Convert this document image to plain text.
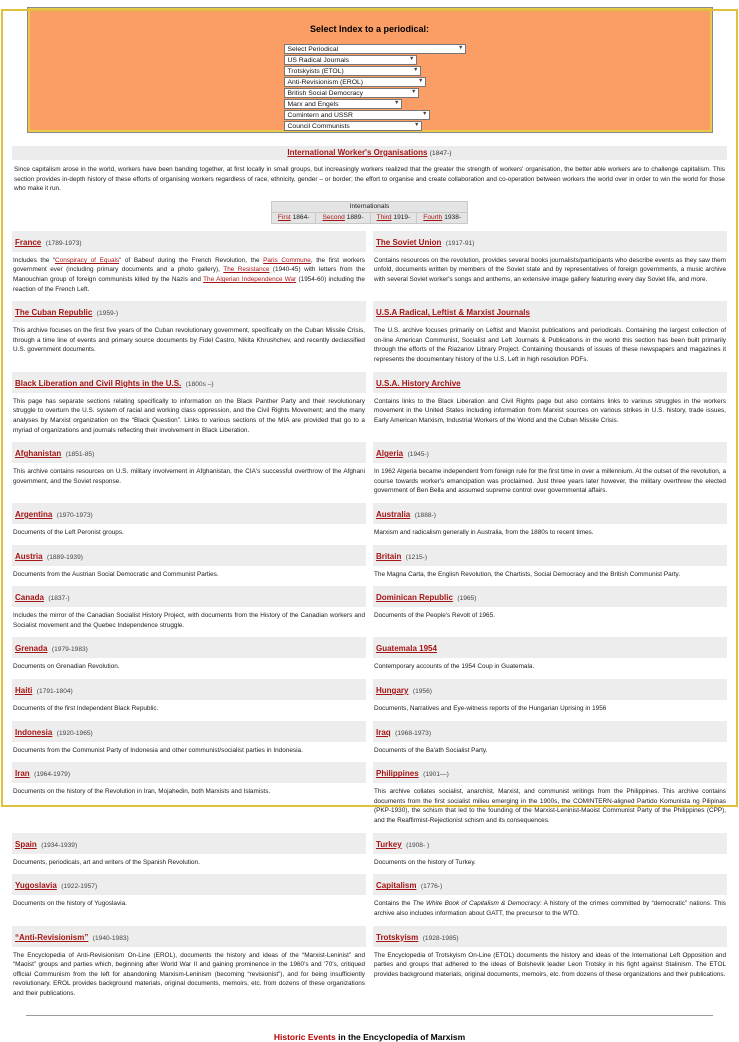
Select Index to a periodical:
Select Periodical	▼
US Radical Journals	▼
Trotskyists (ETOL)	▼
Anti-Revisionism (EROL)	▼
British Social Democracy	▼
Marx and Engels	▼
Comintern and USSR	▼
Council Communists	▼
International Worker's Organisations (1847-)
Since capitalism arose in the world, workers have been banding together, at first locally in small groups, but increasingly workers realized that the greater the strength of workers' organisation, the better able workers are to challenge capitalism. This section provides in-depth history of these efforts of organising workers regardless of race, ethnicity, gender – or border; the effort to organise and create collaboration and co-operation between workers the world over in order to win the world for those who make it run.
Internationals
First 1864-	Second 1889-	Third 1919-	Fourth 1938-
France (1789-1973)
Includes the “Conspiracy of Equals” of Babeuf during the French Revolution, the Paris Commune, the first workers government ever (including primary documents and a photo gallery), The Resistance (1940-45) with letters from the Manouchian group of foreign communists killed by the Nazis and The Algerian Independence War (1954-60) including the reaction of the French Left.
The Soviet Union (1917-91)
Contains resources on the revolution, provides several books journalists/participants who describe events as they saw them unfold, documents written by members of the Soviet state and by representatives of foreign governments, a music archive with several Soviet worker's songs and anthems, an extensive image gallery featuring every day Soviet life, and more.
The Cuban Republic (1959-)
This archive focuses on the first five years of the Cuban revolutionary government, specifically on the Cuban Missile Crisis, through a time line of events and primary source documents by Fidel Castro, Nikita Khrushchev, and recently declassified U.S. government documents.
U.S.A Radical, Leftist & Marxist Journals
The U.S. archive focuses primarily on Leftist and Marxist publications and periodicals. Containing the largest collection of on-line American Communist, Socialist and Left Journals & Publications in the world this section has been built primarily through the efforts of the Riazanov Library Project. Containing thousands of issues of these newspapers and magazines it represents the documentary history of the U.S. Left in high resolution PDFs.
Black Liberation and Civil Rights in the U.S. (1800s –)
This page has separate sections relating specifically to information on the Black Panther Party and their revolutionary struggle to overturn the U.S. system of racial and working class oppression, and the Civil Rights Movement; and the many analyses by Marxist organization on the “Black Question”. Links to various sections of the MIA are provided that go to a myriad of organizations and journals reflecting their involvement in Black Liberation.
U.S.A. History Archive
Contains links to the Black Liberation and Civil Rights page but also contains links to various struggles in the workers movement in the United States including information from Marxist sources on various strikes in U.S. history, trade issues, Early American Marxism, Industrial Workers of the World and the Cuban Missile Crisis.
Afghanistan (1851-85)
This archive contains resources on U.S. military involvement in Afghanistan, the CIA's successful overthrow of the Afghani government, and the Soviet response.
Algeria (1945-)
In 1962 Algeria became independent from foreign rule for the first time in over a millennium. At the outset of the revolution, a course towards worker's emancipation was proclaimed. Just three years later however, the military overthrew the elected government of Ben Bella and assumed supreme control over governmental affairs.
Argentina (1970-1973)
Documents of the Left Peronist groups.
Australia (1888-)
Marxism and radicalism generally in Australia, from the 1880s to recent times.
Austria (1889-1939)
Documents from the Austrian Social Democratic and Communist Parties.
Britain (1215-)
The Magna Carta, the English Revolution, the Chartists, Social Democracy and the British Communist Party.
Canada (1837-)
Includes the mirror of the Canadian Socialist History Project, with documents from the History of the Canadian workers and Socialist movement and the Quebec Independence struggle.
Dominican Republic (1965)
Documents of the People's Revolt of 1965.
Grenada (1979-1983)
Documents on Grenadian Revolution.
Guatemala 1954
Contemporary accounts of the 1954 Coup in Guatemala.
Haiti (1791-1804)
Documents of the first Independent Black Republic.
Hungary (1956)
Documents, Narratives and Eye-witness reports of the Hungarian Uprising in 1956
Indonesia (1920-1965)
Documents from the Communist Party of Indonesia and other communist/socialist parties in Indonesia.
Iraq (1968-1973)
Documents of the Ba'ath Socialist Party.
Iran (1964-1979)
Documents on the history of the Revolution in Iran, Mojahedin, both Marxists and Islamists.
Philippines (1901—)
This archive collates socialist, anarchist, Marxist, and communist writings from the Philippines. This archive contains documents from the first socialist milieu emerging in the 1900s, the COMINTERN-aligned Partido Komunista ng Pilipinas (PKP-1930), the schism that led to the founding of the Marxist-Leninist-Maoist Communist Party of the Philippines (CPP), and the Reaffirmist-Rejectionist schism and its consequences.
Spain (1934-1939)
Documents, periodicals, art and writers of the Spanish Revolution.
Turkey (1908- )
Documents on the history of Turkey.
Yugoslavia (1922-1957)
Documents on the history of Yugoslavia.
Capitalism (1776-)
Contains the The White Book of Capitalism & Democracy: A history of the crimes committed by “democratic” nations. This archive also includes information about GATT, the precursor to the WTO.
“Anti-Revisionism” (1940-1983)
The Encyclopedia of Anti-Revisionism On-Line (EROL), documents the history and ideas of the “Marxist-Leninist” and “Maoist” groups and parties which, beginning after World War II and gaining prominence in the 1960's and '70's, critiqued official Communism from the left for abandoning Marxism-Leninism (becoming “revisionist”), and for being insufficiently revolutionary. EROL provides background materials, original documents, memoirs, etc. from dozens of these organizations and their publications.
Trotskyism (1928-1985)
The Encyclopedia of Trotskyism On-Line (ETOL) documents the history and ideas of the International Left Opposition and parties and groups that adhered to the ideas of Bolshevik leader Leon Trotsky in his fight against Stalinism. The ETOL provides background materials, original documents, memoirs, etc. from dozens of these organizations and their publications.
Historic Events in the Encyclopedia of Marxism
